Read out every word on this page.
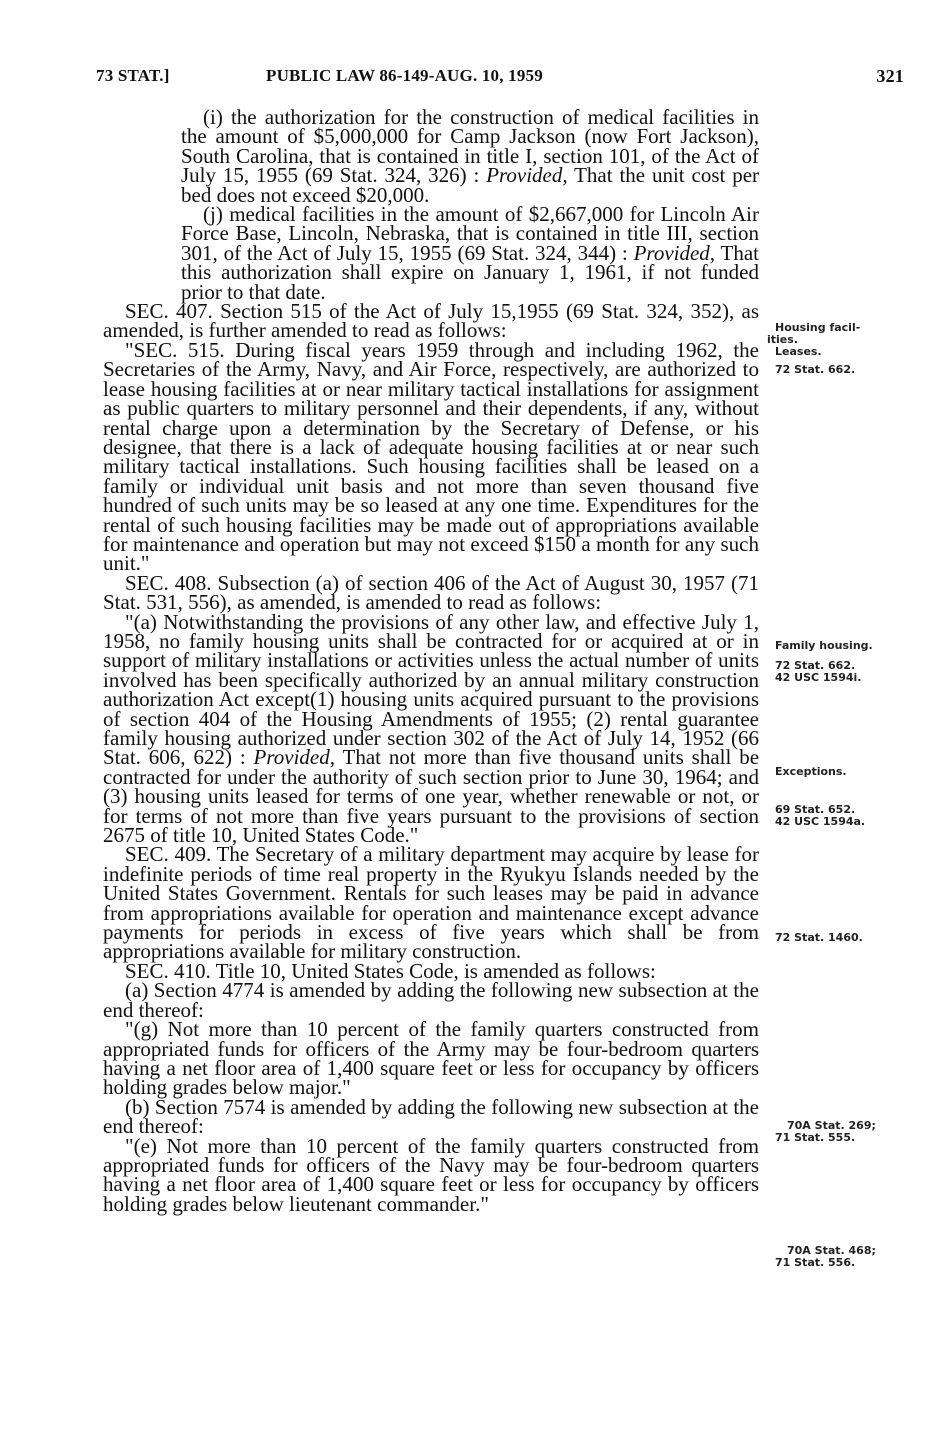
73 STAT.]	PUBLIC LAW 86-149-AUG. 10, 1959	321

(i) the authorization for the construction of medical facilities in the amount of $5,000,000 for Camp Jackson (now Fort Jackson), South Carolina, that is contained in title I, section 101, of the Act of July 15, 1955 (69 Stat. 324, 326) : Provided, That the unit cost per bed does not exceed $20,000.

(j) medical facilities in the amount of $2,667,000 for Lincoln Air Force Base, Lincoln, Nebraska, that is contained in title III, section 301, of the Act of July 15, 1955 (69 Stat. 324, 344) : Provided, That this authorization shall expire on January 1, 1961, if not funded prior to that date.

SEC. 407. Section 515 of the Act of July 15,1955 (69 Stat. 324, 352), as amended, is further amended to read as follows:

"SEC. 515. During fiscal years 1959 through and including 1962, the Secretaries of the Army, Navy, and Air Force, respectively, are authorized to lease housing facilities at or near military tactical installations for assignment as public quarters to military personnel and their dependents, if any, without rental charge upon a determination by the Secretary of Defense, or his designee, that there is a lack of adequate housing facilities at or near such military tactical installations. Such housing facilities shall be leased on a family or individual unit basis and not more than seven thousand five hundred of such units may be so leased at any one time. Expenditures for the rental of such housing facilities may be made out of appropriations available for maintenance and operation but may not exceed $150 a month for any such unit."

SEC. 408. Subsection (a) of section 406 of the Act of August 30, 1957 (71 Stat. 531, 556), as amended, is amended to read as follows:

"(a) Notwithstanding the provisions of any other law, and effective July 1, 1958, no family housing units shall be contracted for or acquired at or in support of military installations or activities unless the actual number of units involved has been specifically authorized by an annual military construction authorization Act except(1) housing units acquired pursuant to the provisions of section 404 of the Housing Amendments of 1955; (2) rental guarantee family housing authorized under section 302 of the Act of July 14, 1952 (66 Stat. 606, 622) : Provided, That not more than five thousand units shall be contracted for under the authority of such section prior to June 30, 1964; and (3) housing units leased for terms of one year, whether renewable or not, or for terms of not more than five years pursuant to the provisions of section 2675 of title 10, United States Code."

SEC. 409. The Secretary of a military department may acquire by lease for indefinite periods of time real property in the Ryukyu Islands needed by the United States Government. Rentals for such leases may be paid in advance from appropriations available for operation and maintenance except advance payments for periods in excess of five years which shall be from appropriations available for military construction.

SEC. 410. Title 10, United States Code, is amended as follows:

(a) Section 4774 is amended by adding the following new subsection at the end thereof:

"(g) Not more than 10 percent of the family quarters constructed from appropriated funds for officers of the Army may be four-bedroom quarters having a net floor area of 1,400 square feet or less for occupancy by officers holding grades below major."

(b) Section 7574 is amended by adding the following new subsection at the end thereof:

"(e) Not more than 10 percent of the family quarters constructed from appropriated funds for officers of the Navy may be four-bedroom quarters having a net floor area of 1,400 square feet or less for occupancy by officers holding grades below lieutenant commander."

Housing facil-
ities.
Leases.
72 Stat. 662.
Family housing.
72 Stat. 662.
42 USC 1594i.
Exceptions.
69 Stat. 652.
42 USC 1594a.
72 Stat. 1460.
70A Stat. 269;
71 Stat. 555.
70A Stat. 468;
71 Stat. 556.
